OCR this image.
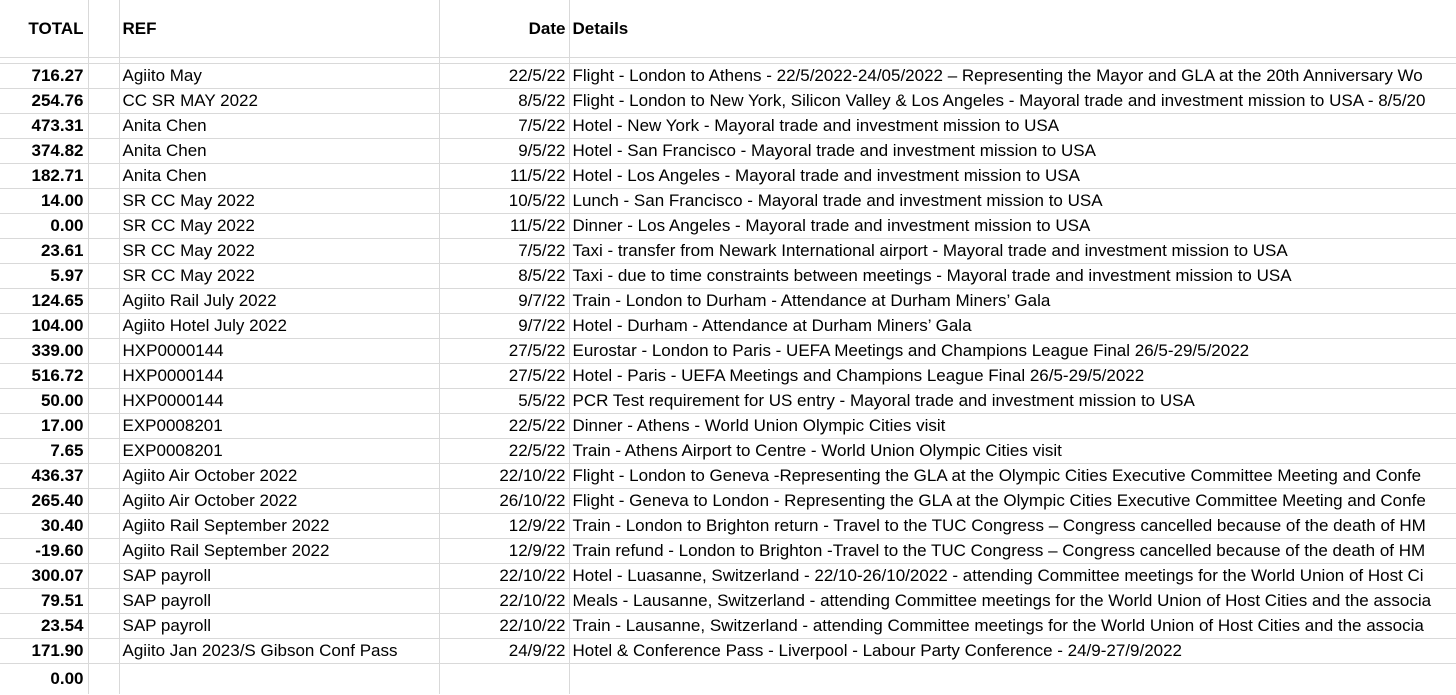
TOTAL		REF	Date	Details

716.27		Agiito May	22/5/22	Flight - London to Athens - 22/5/2022-24/05/2022 – Representing the Mayor and GLA at the 20th Anniversary Wo
254.76		CC SR MAY 2022	8/5/22	Flight - London to New York, Silicon Valley & Los Angeles - Mayoral trade and investment mission to USA - 8/5/20
473.31		Anita Chen	7/5/22	Hotel - New York - Mayoral trade and investment mission to USA
374.82		Anita Chen	9/5/22	Hotel - San Francisco - Mayoral trade and investment mission to USA
182.71		Anita Chen	11/5/22	Hotel - Los Angeles - Mayoral trade and investment mission to USA
14.00		SR CC May 2022	10/5/22	Lunch - San Francisco - Mayoral trade and investment mission to USA
0.00		SR CC May 2022	11/5/22	Dinner - Los Angeles - Mayoral trade and investment mission to USA
23.61		SR CC May 2022	7/5/22	Taxi - transfer from Newark International airport - Mayoral trade and investment mission to USA
5.97		SR CC May 2022	8/5/22	Taxi - due to time constraints between meetings - Mayoral trade and investment mission to USA
124.65		Agiito Rail July 2022	9/7/22	Train - London to Durham - Attendance at Durham Miners’ Gala
104.00		Agiito Hotel July 2022	9/7/22	Hotel - Durham - Attendance at Durham Miners’ Gala
339.00		HXP0000144	27/5/22	Eurostar - London to Paris - UEFA Meetings and Champions League Final 26/5-29/5/2022
516.72		HXP0000144	27/5/22	Hotel - Paris - UEFA Meetings and Champions League Final 26/5-29/5/2022
50.00		HXP0000144	5/5/22	PCR Test requirement for US entry - Mayoral trade and investment mission to USA
17.00		EXP0008201	22/5/22	Dinner - Athens - World Union Olympic Cities visit
7.65		EXP0008201	22/5/22	Train - Athens Airport to Centre - World Union Olympic Cities visit
436.37		Agiito Air October 2022	22/10/22	Flight - London to Geneva -Representing the GLA at the Olympic Cities Executive Committee Meeting and Confe
265.40		Agiito Air October 2022	26/10/22	Flight - Geneva to London - Representing the GLA at the Olympic Cities Executive Committee Meeting and Confe
30.40		Agiito Rail September 2022	12/9/22	Train - London to Brighton return - Travel to the TUC Congress – Congress cancelled because of the death of HM
-19.60		Agiito Rail September 2022	12/9/22	Train refund - London to Brighton -Travel to the TUC Congress – Congress cancelled because of the death of HM
300.07		SAP payroll	22/10/22	Hotel - Luasanne, Switzerland - 22/10-26/10/2022 - attending Committee meetings for the World Union of Host Ci
79.51		SAP payroll	22/10/22	Meals - Lausanne, Switzerland - attending Committee meetings for the World Union of Host Cities and the associa
23.54		SAP payroll	22/10/22	Train - Lausanne, Switzerland - attending Committee meetings for the World Union of Host Cities and the associa
171.90		Agiito Jan 2023/S Gibson Conf Pass	24/9/22	Hotel & Conference Pass - Liverpool - Labour Party Conference - 24/9-27/9/2022
0.00				
